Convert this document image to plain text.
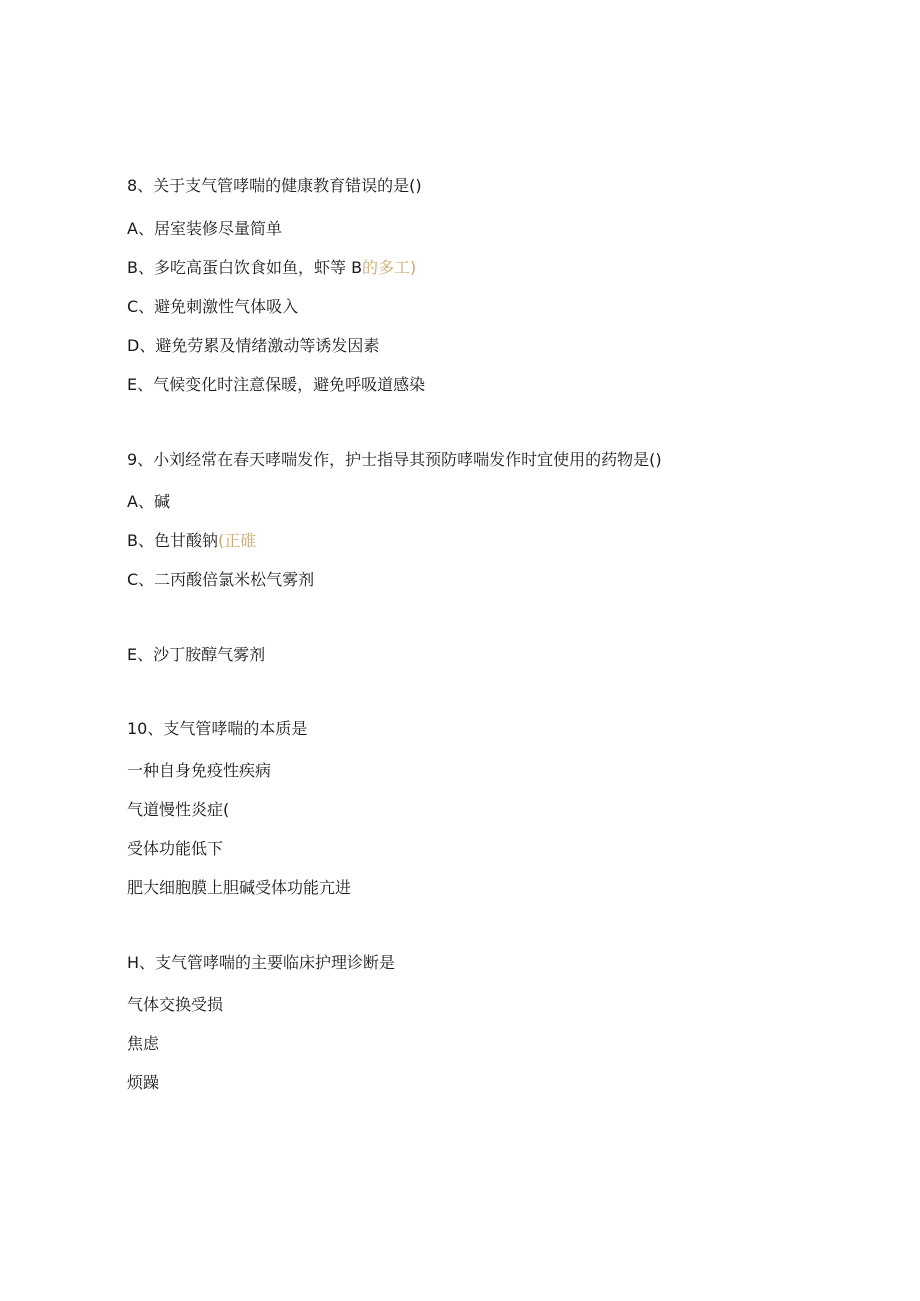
8、关于支气管哮喘的健康教育错误的是()
A、居室装修尽量简单
B、多吃高蛋白饮食如鱼，虾等 B的多工)
C、避免刺激性气体吸入
D、避免劳累及情绪激动等诱发因素
E、气候变化时注意保暖，避免呼吸道感染
9、小刘经常在春天哮喘发作，护士指导其预防哮喘发作时宜使用的药物是()
A、碱
B、色甘酸钠(正碓
C、二丙酸倍氯米松气雾剂
E、沙丁胺醇气雾剂
10、支气管哮喘的本质是
一种自身免疫性疾病
气道慢性炎症(
受体功能低下
肥大细胞膜上胆碱受体功能亢进
H、支气管哮喘的主要临床护理诊断是
气体交换受损
焦虑
烦躁
